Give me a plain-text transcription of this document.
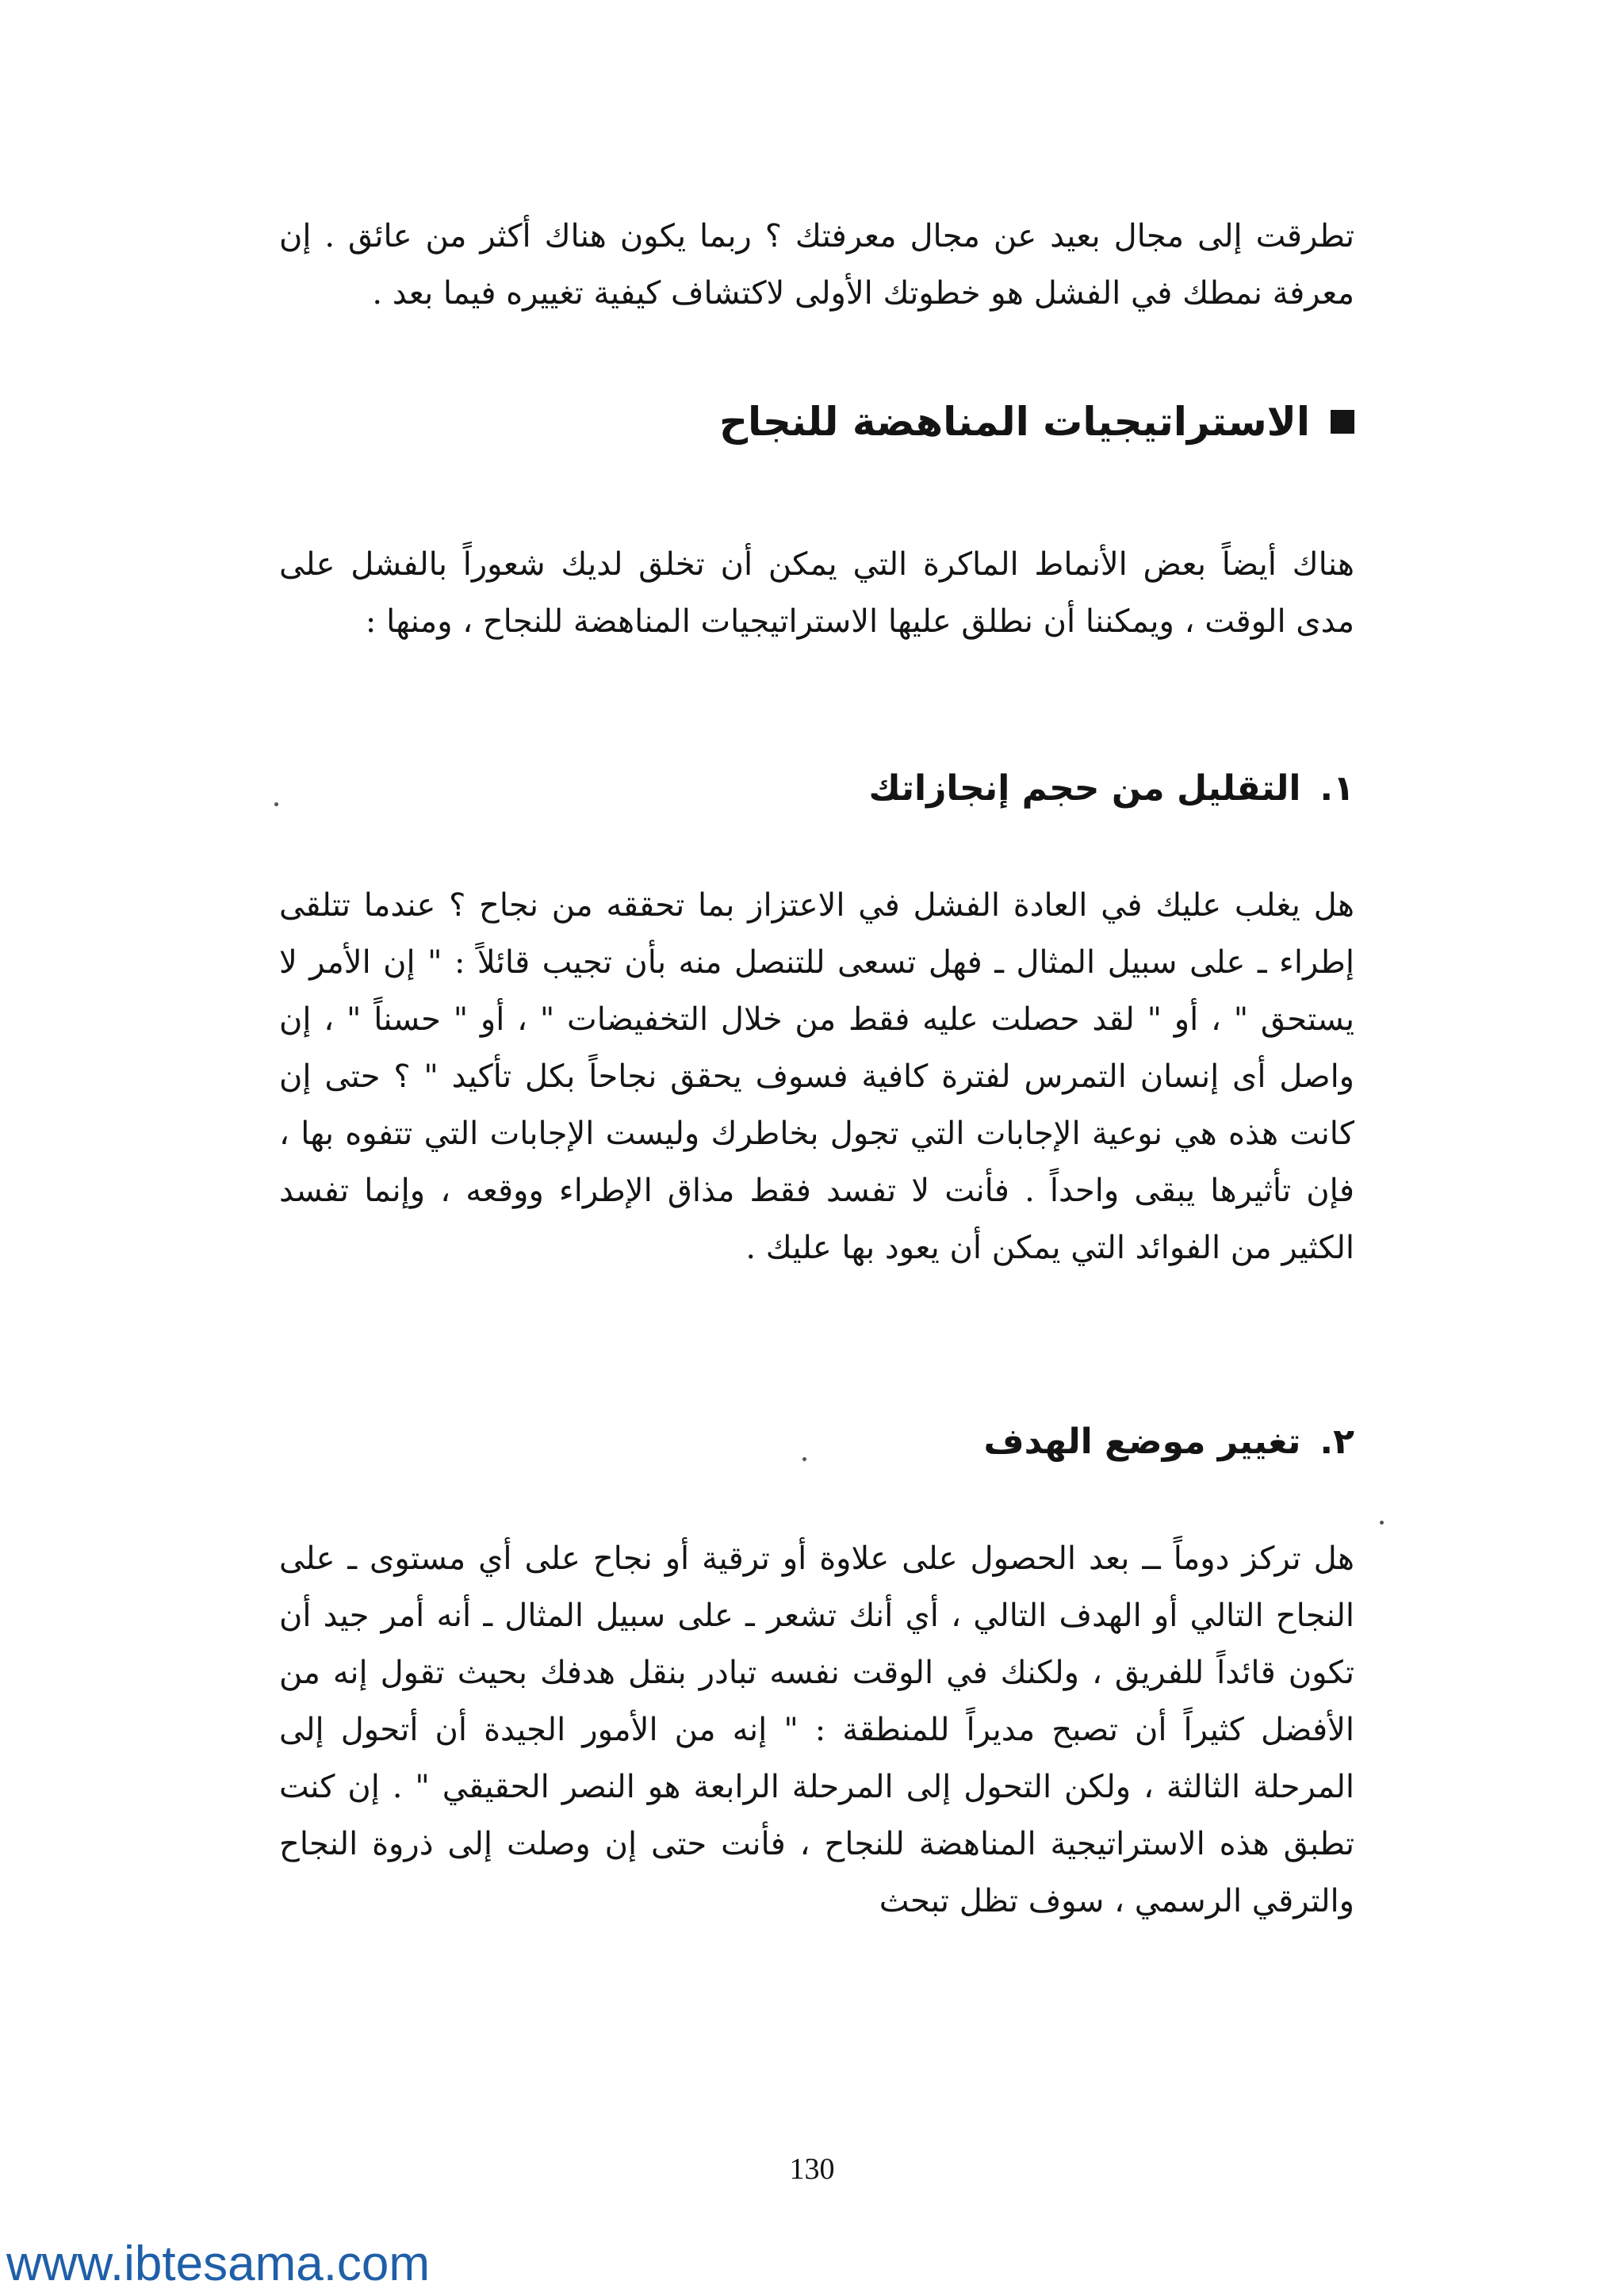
تطرقت إلى مجال بعيد عن مجال معرفتك ؟ ربما يكون هناك أكثر من عائق . إن معرفة نمطك في الفشل هو خطوتك الأولى لاكتشاف كيفية تغييره فيما بعد .
الاستراتيجيات المناهضة للنجاح
هناك أيضاً بعض الأنماط الماكرة التي يمكن أن تخلق لديك شعوراً بالفشل على مدى الوقت ، ويمكننا أن نطلق عليها الاستراتيجيات المناهضة للنجاح ، ومنها :
١.التقليل من حجم إنجازاتك
هل يغلب عليك في العادة الفشل في الاعتزاز بما تحققه من نجاح ؟ عندما تتلقى إطراء ـ على سبيل المثال ـ فهل تسعى للتنصل منه بأن تجيب قائلاً : " إن الأمر لا يستحق " ، أو " لقد حصلت عليه فقط من خلال التخفيضات " ، أو " حسناً " ، إن واصل أى إنسان التمرس لفترة كافية فسوف يحقق نجاحاً بكل تأكيد " ؟ حتى إن كانت هذه هي نوعية الإجابات التي تجول بخاطرك وليست الإجابات التي تتفوه بها ، فإن تأثيرها يبقى واحداً . فأنت لا تفسد فقط مذاق الإطراء ووقعه ، وإنما تفسد الكثير من الفوائد التي يمكن أن يعود بها عليك .
٢.تغيير موضع الهدف
هل تركز دوماً ــ بعد الحصول على علاوة أو ترقية أو نجاح على أي مستوى ـ على النجاح التالي أو الهدف التالي ، أي أنك تشعر ـ على سبيل المثال ـ أنه أمر جيد أن تكون قائداً للفريق ، ولكنك في الوقت نفسه تبادر بنقل هدفك بحيث تقول إنه من الأفضل كثيراً أن تصبح مديراً للمنطقة : " إنه من الأمور الجيدة أن أتحول إلى المرحلة الثالثة ، ولكن التحول إلى المرحلة الرابعة هو النصر الحقيقي " . إن كنت تطبق هذه الاستراتيجية المناهضة للنجاح ، فأنت حتى إن وصلت إلى ذروة النجاح والترقي الرسمي ، سوف تظل تبحث
130
www.ibtesama.com
